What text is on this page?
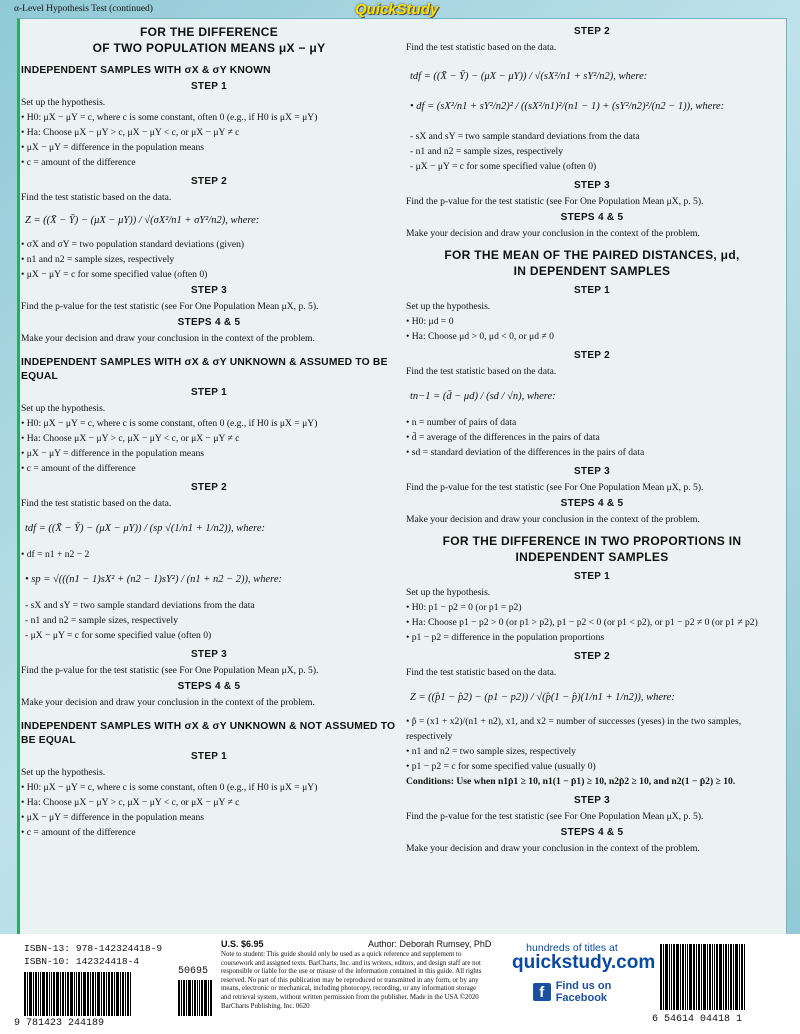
α-Level Hypothesis Test (continued)	QuickStudy
FOR THE DIFFERENCE
OF TWO POPULATION MEANS μX − μY
INDEPENDENT SAMPLES WITH σX & σY KNOWN
STEP 1

Set up the hypothesis.

• H0: μX − μY = c, where c is some constant, often 0 (e.g., if H0 is μX = μY)

• Ha: Choose μX − μY > c, μX − μY < c, or μX − μY ≠ c

• μX − μY = difference in the population means

• c = amount of the difference

STEP 2

Find the test statistic based on the data.

Z = ((X̄ − Ȳ) − (μX − μY)) / √(σX²/n1 + σY²/n2), where:

• σX and σY = two population standard deviations (given)

• n1 and n2 = sample sizes, respectively

• μX − μY = c for some specified value (often 0)

STEP 3

Find the p-value for the test statistic (see For One Population Mean μX, p. 5).

STEPS 4 & 5

Make your decision and draw your conclusion in the context of the problem.

INDEPENDENT SAMPLES WITH σX & σY UNKNOWN & ASSUMED TO BE EQUAL
STEP 1

Set up the hypothesis.

• H0: μX − μY = c, where c is some constant, often 0 (e.g., if H0 is μX = μY)

• Ha: Choose μX − μY > c, μX − μY < c, or μX − μY ≠ c

• μX − μY = difference in the population means

• c = amount of the difference

STEP 2

Find the test statistic based on the data.

tdf = ((X̄ − Ȳ) − (μX − μY)) / (sp √(1/n1 + 1/n2)), where:

• df = n1 + n2 − 2

• sp = √(((n1 − 1)sX² + (n2 − 1)sY²) / (n1 + n2 − 2)), where:

- sX and sY = two sample standard deviations from the data

- n1 and n2 = sample sizes, respectively

- μX − μY = c for some specified value (often 0)

STEP 3

Find the p-value for the test statistic (see For One Population Mean μX, p. 5).

STEPS 4 & 5

Make your decision and draw your conclusion in the context of the problem.

INDEPENDENT SAMPLES WITH σX & σY UNKNOWN & NOT ASSUMED TO BE EQUAL
STEP 1

Set up the hypothesis.

• H0: μX − μY = c, where c is some constant, often 0 (e.g., if H0 is μX = μY)

• Ha: Choose μX − μY > c, μX − μY < c, or μX − μY ≠ c

• μX − μY = difference in the population means

• c = amount of the difference

STEP 2

Find the test statistic based on the data.

tdf = ((X̄ − Ȳ) − (μX − μY)) / √(sX²/n1 + sY²/n2), where:
• df = (sX²/n1 + sY²/n2)² / ((sX²/n1)²/(n1 − 1) + (sY²/n2)²/(n2 − 1)), where:

- sX and sY = two sample standard deviations from the data

- n1 and n2 = sample sizes, respectively

- μX − μY = c for some specified value (often 0)

STEP 3

Find the p-value for the test statistic (see For One Population Mean μX, p. 5).

STEPS 4 & 5

Make your decision and draw your conclusion in the context of the problem.

FOR THE MEAN OF THE PAIRED DISTANCES, μd,
IN DEPENDENT SAMPLES
STEP 1

Set up the hypothesis.

• H0: μd = 0

• Ha: Choose μd > 0, μd < 0, or μd ≠ 0

STEP 2

Find the test statistic based on the data.

tn−1 = (d̄ − μd) / (sd / √n), where:

• n = number of pairs of data

• d̄ = average of the differences in the pairs of data

• sd = standard deviation of the differences in the pairs of data

STEP 3

Find the p-value for the test statistic (see For One Population Mean μX, p. 5).

STEPS 4 & 5

Make your decision and draw your conclusion in the context of the problem.

FOR THE DIFFERENCE IN TWO PROPORTIONS IN
INDEPENDENT SAMPLES
STEP 1

Set up the hypothesis.

• H0: p1 − p2 = 0 (or p1 = p2)

• Ha: Choose p1 − p2 > 0 (or p1 > p2), p1 − p2 < 0 (or p1 < p2), or p1 − p2 ≠ 0 (or p1 ≠ p2)

• p1 − p2 = difference in the population proportions

STEP 2

Find the test statistic based on the data.

Z = ((p̂1 − p̂2) − (p1 − p2)) / √(p̂(1 − p̂)(1/n1 + 1/n2)), where:

• p̂ = (x1 + x2)/(n1 + n2), x1, and x2 = number of successes (yeses) in the two samples, respectively

• n1 and n2 = two sample sizes, respectively

• p1 − p2 = c for some specified value (usually 0)

Conditions: Use when n1p̂1 ≥ 10, n1(1 − p̂1) ≥ 10, n2p̂2 ≥ 10, and n2(1 − p̂2) ≥ 10.

STEP 3

Find the p-value for the test statistic (see For One Population Mean μX, p. 5).

STEPS 4 & 5

Make your decision and draw your conclusion in the context of the problem.

ISBN-13: 978-142324418-9
ISBN-10: 142324418-4
9 781423 244189
50695
U.S. $6.95	Author: Deborah Rumsey, PhD
Note to student: This guide should only be used as a quick reference and supplement to coursework and assigned texts. BarCharts, Inc. and its writers, editors, and design staff are not responsible or liable for the use or misuse of the information contained in this guide. All rights reserved. No part of this publication may be reproduced or transmitted in any form, or by any means, electronic or mechanical, including photocopy, recording, or any information storage and retrieval system, without written permission from the publisher. Made in the USA ©2020 BarCharts Publishing, Inc. 0620
hundreds of titles at
quickstudy.com
f	Find us on
Facebook
6 54614 04418 1
6
